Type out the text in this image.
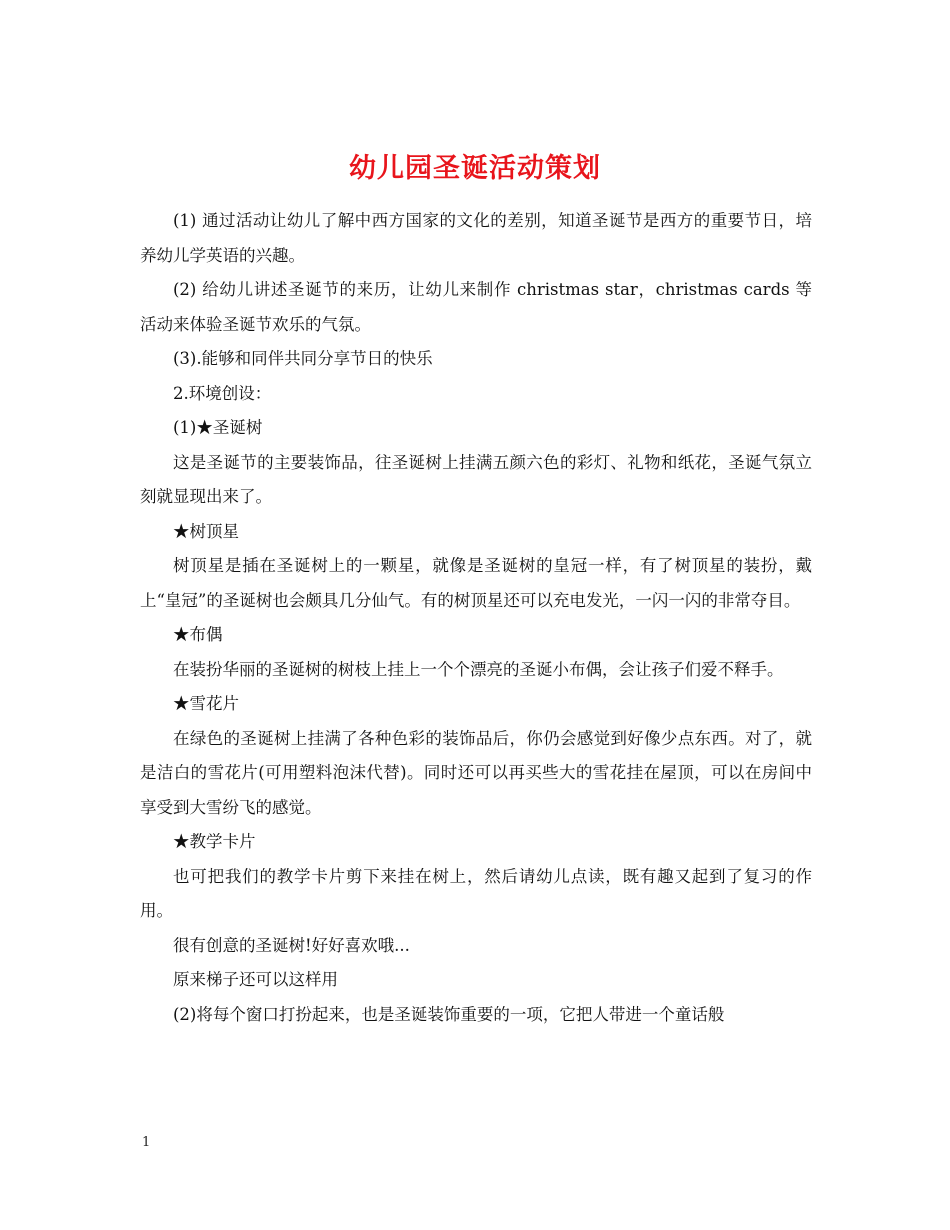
幼儿园圣诞活动策划

(1) 通过活动让幼儿了解中西方国家的文化的差别，知道圣诞节是西方的重要节日，培养幼儿学英语的兴趣。

(2) 给幼儿讲述圣诞节的来历，让幼儿来制作 christmas star，christmas cards 等活动来体验圣诞节欢乐的气氛。

(3).能够和同伴共同分享节日的快乐

2.环境创设：

(1)★圣诞树

这是圣诞节的主要装饰品，往圣诞树上挂满五颜六色的彩灯、礼物和纸花，圣诞气氛立刻就显现出来了。

★树顶星

树顶星是插在圣诞树上的一颗星，就像是圣诞树的皇冠一样，有了树顶星的装扮，戴上“皇冠”的圣诞树也会颇具几分仙气。有的树顶星还可以充电发光，一闪一闪的非常夺目。

★布偶

在装扮华丽的圣诞树的树枝上挂上一个个漂亮的圣诞小布偶，会让孩子们爱不释手。

★雪花片

在绿色的圣诞树上挂满了各种色彩的装饰品后，你仍会感觉到好像少点东西。对了，就是洁白的雪花片(可用塑料泡沫代替)。同时还可以再买些大的雪花挂在屋顶，可以在房间中享受到大雪纷飞的感觉。

★教学卡片

也可把我们的教学卡片剪下来挂在树上，然后请幼儿点读，既有趣又起到了复习的作用。

很有创意的圣诞树!好好喜欢哦...

原来梯子还可以这样用

(2)将每个窗口打扮起来，也是圣诞装饰重要的一项，它把人带进一个童话般

1
